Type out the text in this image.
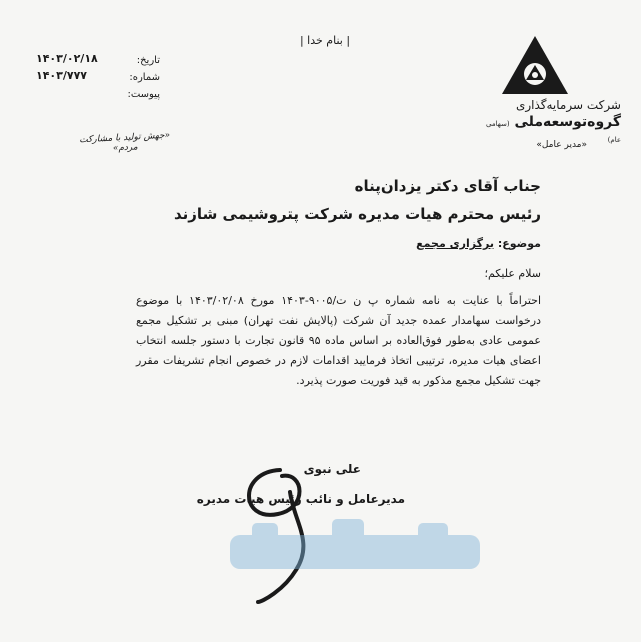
| بنام خدا |
شرکت سرمایه‌گذاری
گروه‌توسعه‌ملی (سهامی عام)
«مدیر عامل»
تاریخ:
شماره:
پیوست:
۱۴۰۳/۰۲/۱۸
۱۴۰۳/۷۷۷
«جهش تولید با مشارکت مردم»
جناب آقای دکتر یزدان‌پناه
رئیس محترم هیات مدیره شرکت پتروشیمی شازند
موضوع: برگزاری مجمع
سلام علیکم؛
احتراماً با عنایت به نامه شماره پ ن ت/۹۰۰۵-۱۴۰۳ مورخ ۱۴۰۳/۰۲/۰۸ با موضوع درخواست سهامدار عمده جدید آن شرکت (پالایش نفت تهران) مبنی بر تشکیل مجمع عمومی عادی به‌طور فوق‌العاده بر اساس ماده ۹۵ قانون تجارت با دستور جلسه انتخاب اعضای هیات مدیره، ترتیبی اتخاذ فرمایید اقدامات لازم در خصوص انجام تشریفات مقرر جهت تشکیل مجمع مذکور به قید فوریت صورت پذیرد.
علی نبوی
مدیرعامل و نائب رئیس هیات مدیره
